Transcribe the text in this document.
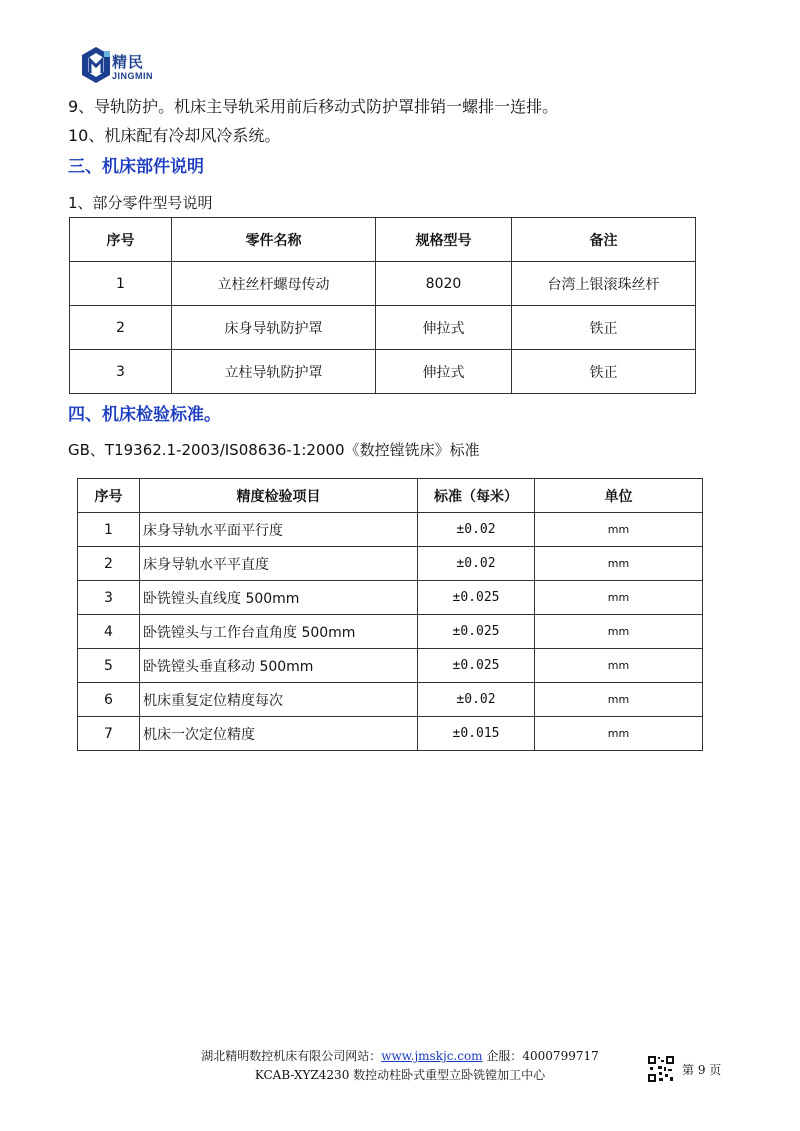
精民
JINGMIN
9、导轨防护。机床主导轨采用前后移动式防护罩排销一螺排一连排。
10、机床配有冷却风冷系统。
三、机床部件说明
1、部分零件型号说明
序号	零件名称	规格型号	备注
1	立柱丝杆螺母传动	8020	台湾上银滚珠丝杆
2	床身导轨防护罩	伸拉式	铁正
3	立柱导轨防护罩	伸拉式	铁正
四、机床检验标准。
GB、T19362.1-2003/IS08636-1:2000《数控镗铣床》标准
序号	精度检验项目	标准（每米）	单位
1	床身导轨水平面平行度	±0.02	mm
2	床身导轨水平平直度	±0.02	mm
3	卧铣镗头直线度 500mm	±0.025	mm
4	卧铣镗头与工作台直角度 500mm	±0.025	mm
5	卧铣镗头垂直移动 500mm	±0.025	mm
6	机床重复定位精度每次	±0.02	mm
7	机床一次定位精度	±0.015	mm
湖北精明数控机床有限公司网站：www.jmskjc.com 企服：4000799717
KCAB-XYZ4230 数控动柱卧式重型立卧铣镗加工中心	第 9 页
